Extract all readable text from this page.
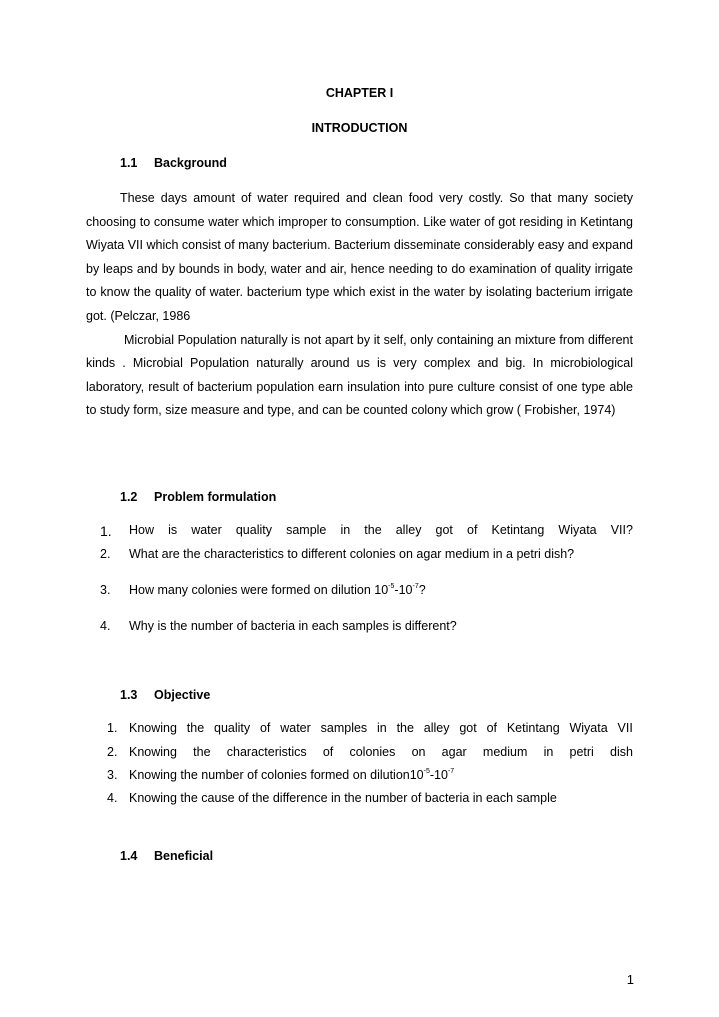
CHAPTER I
INTRODUCTION
1.1 Background

These days amount of water required and clean food very costly. So that many society choosing to consume water which improper to consumption. Like water of got residing in Ketintang Wiyata VII which consist of many bacterium. Bacterium disseminate considerably easy and expand by leaps and by bounds in body, water and air, hence needing to do examination of quality irrigate to know the quality of water. bacterium type which exist in the water by isolating bacterium irrigate got. (Pelczar, 1986

Microbial Population naturally is not apart by it self, only containing an mixture from different kinds . Microbial Population naturally around us is very complex and big. In microbiological laboratory, result of bacterium population earn insulation into pure culture consist of one type able to study form, size measure and type, and can be counted colony which grow ( Frobisher, 1974)

1.2 Problem formulation
1.	How is water quality sample in the alley got of Ketintang Wiyata VII?
2.	What are the characteristics to different colonies on agar medium in a petri dish?
3.	How many colonies were formed on dilution $10^{-5}-10^{-7}$?
4.	Why is the number of bacteria in each samples is different?
1.3 Objective
1. Knowing the quality of water samples in the alley got of Ketintang Wiyata VII
2. Knowing the characteristics of colonies on agar medium in petri dish
3. Knowing the number of colonies formed on $dilution10^{-5}-10^{-7}$
4. Knowing the cause of the difference in the number of bacteria in each sample
1.4 Beneficial
1
